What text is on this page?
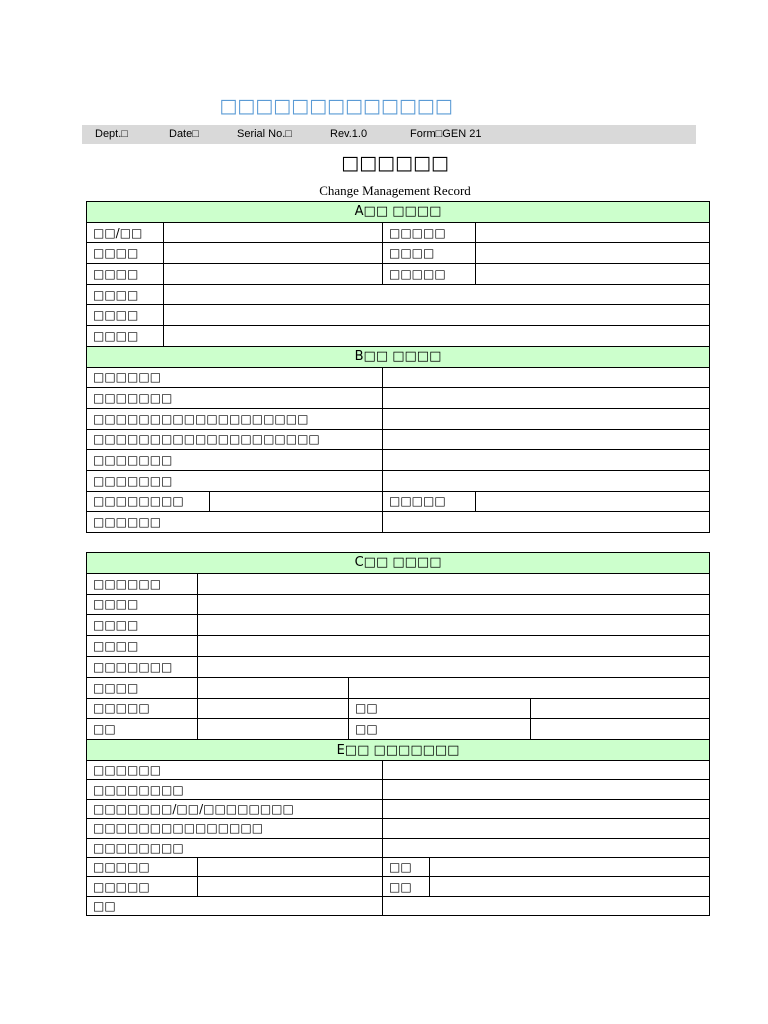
□□□□□□□□□□□□□
Dept.□	Date□	Serial No.□	Rev.1.0	Form□GEN 21
□□□□□□
Change Management Record
A□□ □□□□				
□□/□□			□□□□□	
□□□□			□□□□	
□□□□			□□□□□	
□□□□				
□□□□				
□□□□				
B□□ □□□□				
□□□□□□				
□□□□□□□				
□□□□□□□□□□□□□□□□□□□				
□□□□□□□□□□□□□□□□□□□□				
□□□□□□□				
□□□□□□□				
□□□□□□□□			□□□□□	
□□□□□□				
C□□ □□□□					
□□□□□□					
□□□□					
□□□□					
□□□□					
□□□□□□□					
□□□□					
□□□□□		□□			
□□		□□			
E□□ □□□□□□□					
□□□□□□					
□□□□□□□□					
□□□□□□□/□□/□□□□□□□□					
□□□□□□□□□□□□□□□					
□□□□□□□□					
□□□□□			□□		
□□□□□			□□		
□□					
